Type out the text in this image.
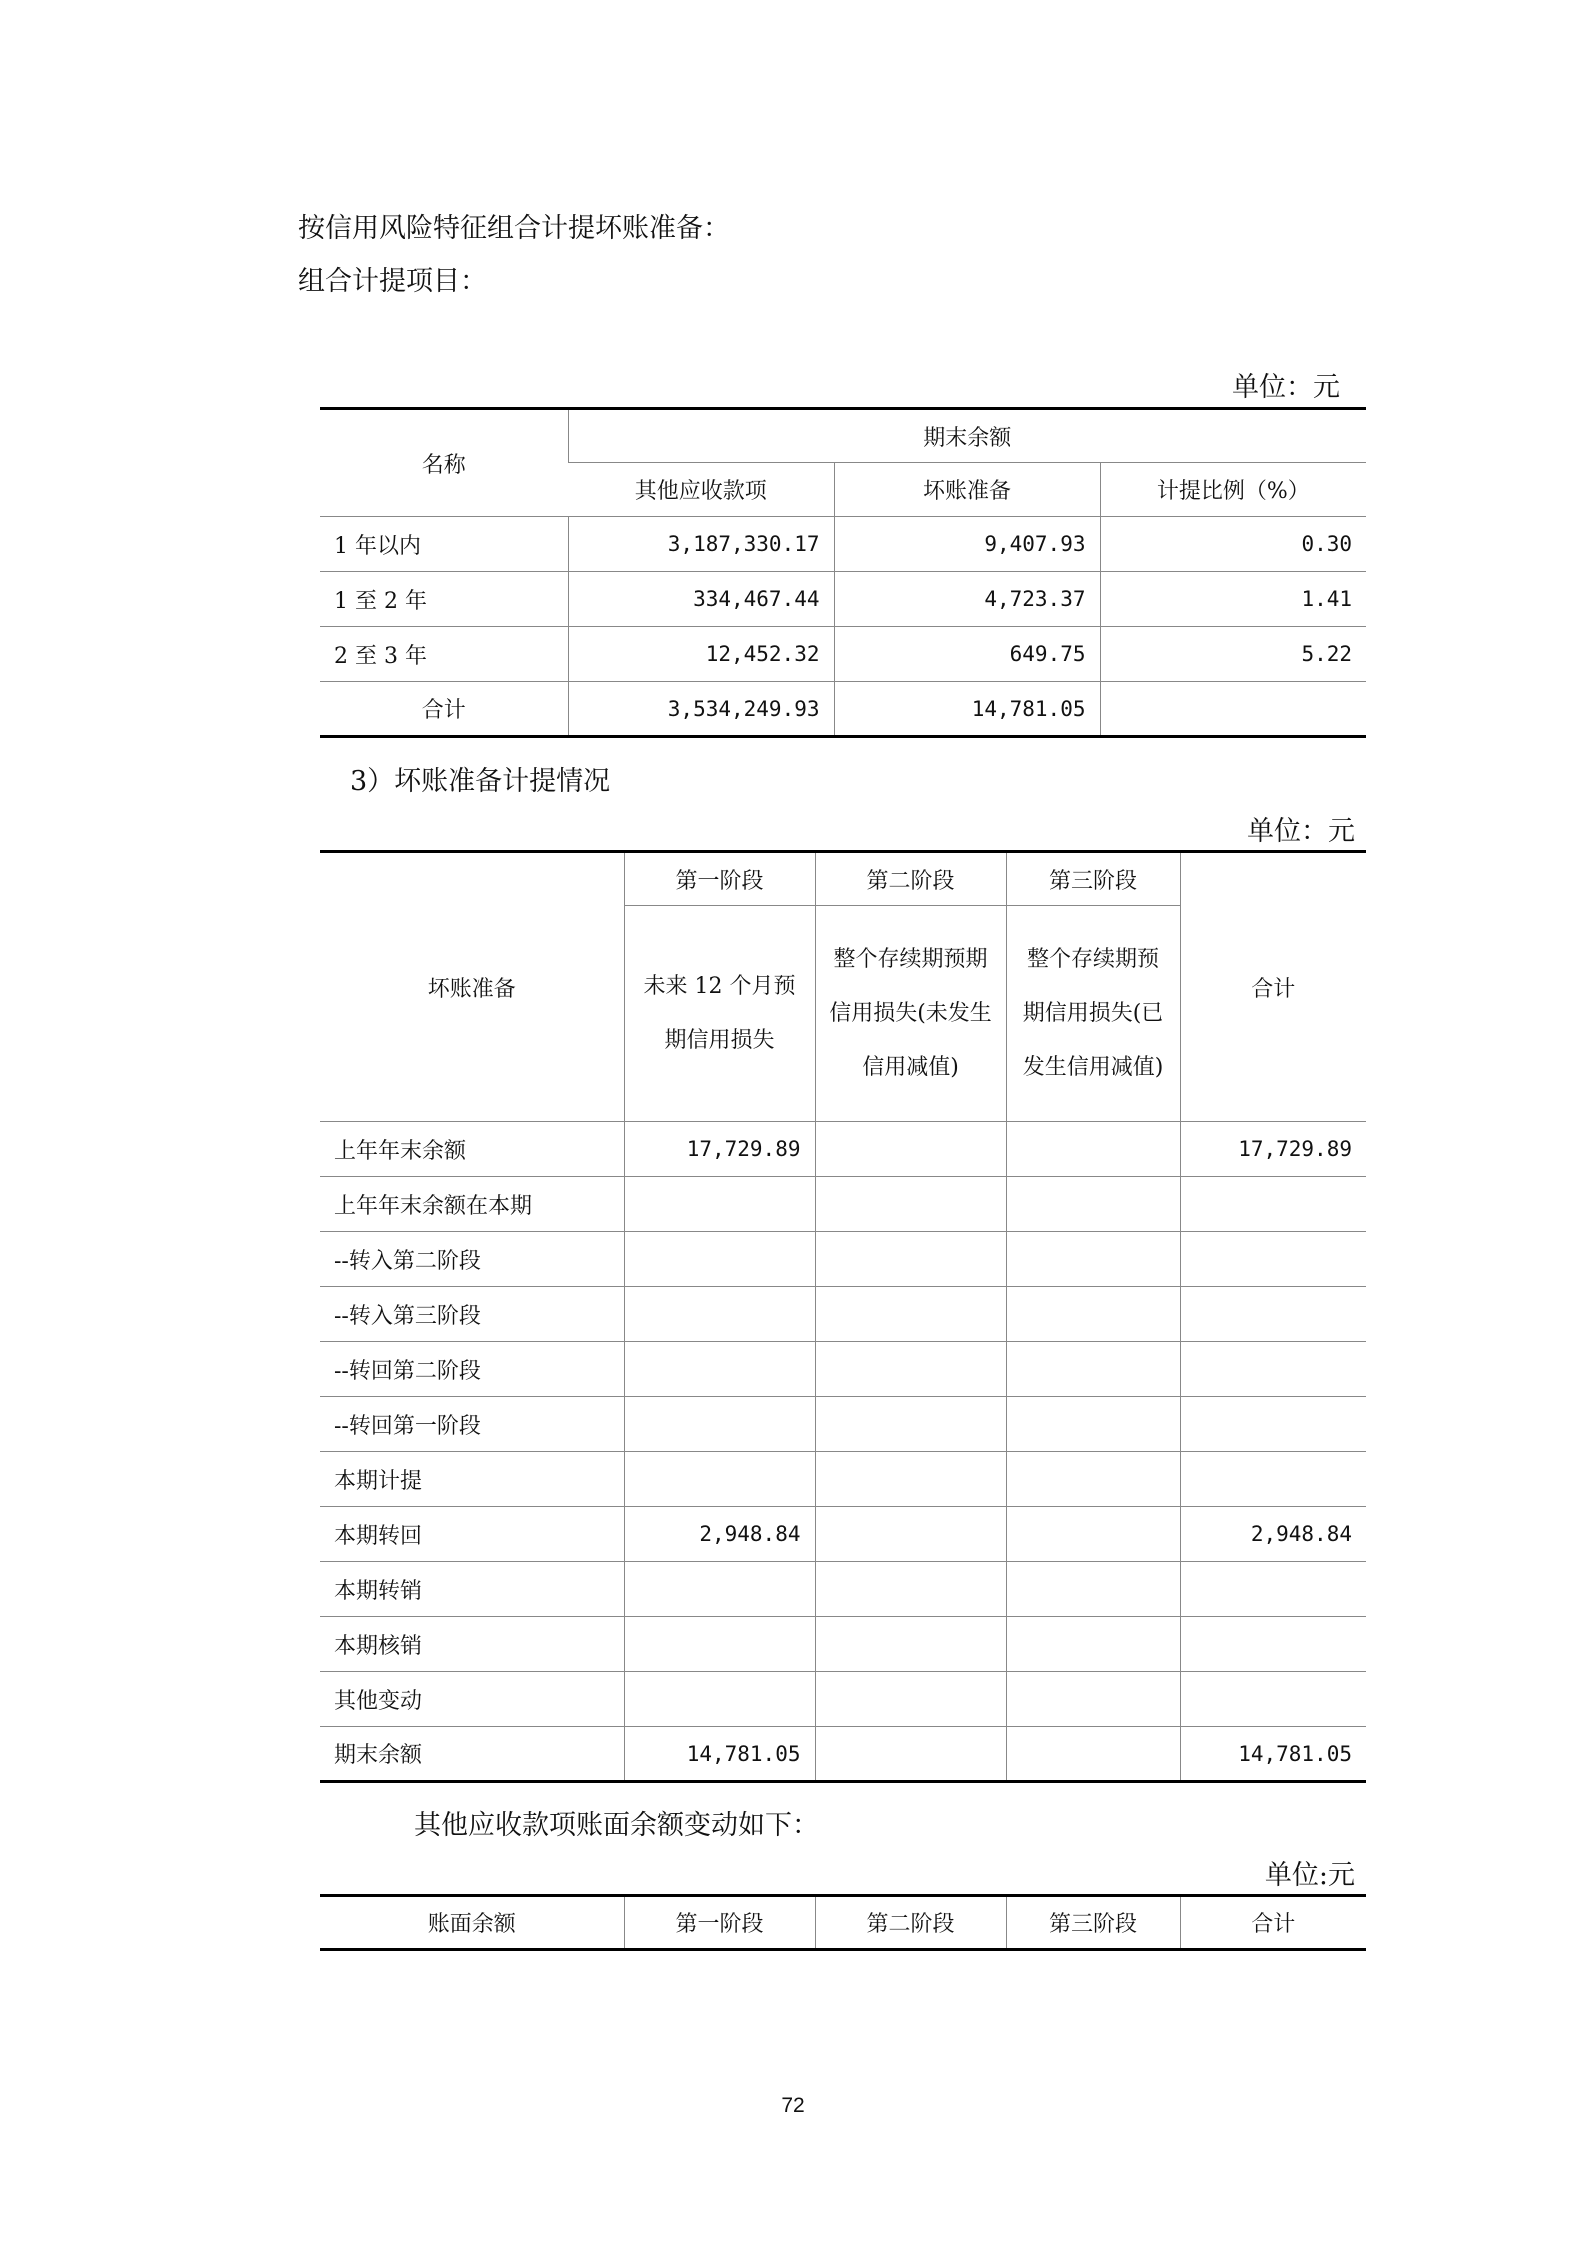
按信用风险特征组合计提坏账准备：
组合计提项目：
单位：元
名称	期末余额		
	其他应收款项	坏账准备	计提比例（%）
1 年以内	3,187,330.17	9,407.93	0.30
1 至 2 年	334,467.44	4,723.37	1.41
2 至 3 年	12,452.32	649.75	5.22
合计	3,534,249.93	14,781.05	
3）坏账准备计提情况
单位：元
坏账准备	第一阶段	第二阶段	第三阶段	合计
	未来 12 个月预期信用损失	整个存续期预期信用损失(未发生信用减值)	整个存续期预期信用损失(已发生信用减值)	
上年年末余额	17,729.89			17,729.89
上年年末余额在本期				
--转入第二阶段				
--转入第三阶段				
--转回第二阶段				
--转回第一阶段				
本期计提				
本期转回	2,948.84			2,948.84
本期转销				
本期核销				
其他变动				
期末余额	14,781.05			14,781.05
其他应收款项账面余额变动如下：
单位:元
账面余额	第一阶段	第二阶段	第三阶段	合计
72
